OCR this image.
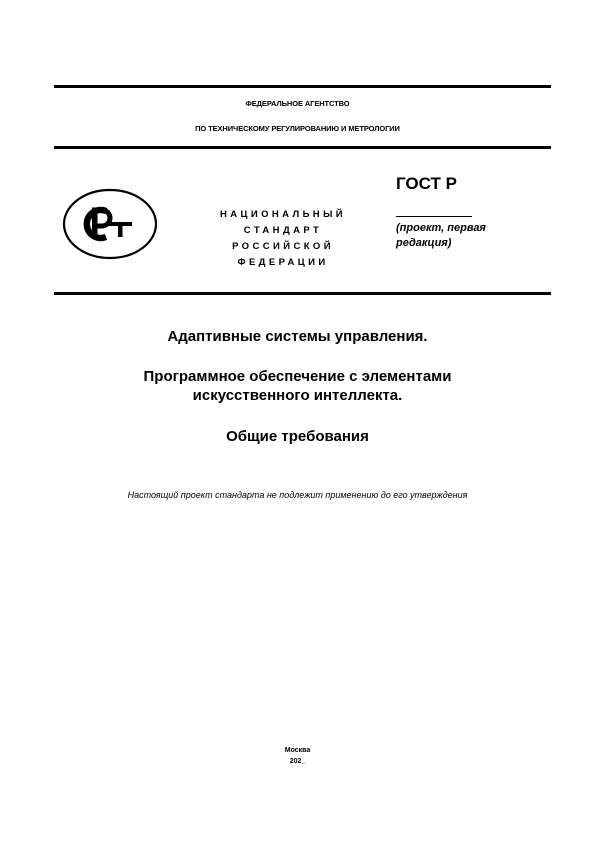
ФЕДЕРАЛЬНОЕ АГЕНТСТВО
ПО ТЕХНИЧЕСКОМУ РЕГУЛИРОВАНИЮ И МЕТРОЛОГИИ
НАЦИОНАЛЬНЫЙ
СТАНДАРТ
РОССИЙСКОЙ
ФЕДЕРАЦИИ
ГОСТ Р
(проект, первая
редакция)
Адаптивные системы управления.
Программное обеспечение с элементами
искусственного интеллекта.
Общие требования
Настоящий проект стандарта не подлежит применению до его утверждения
Москва
202_
